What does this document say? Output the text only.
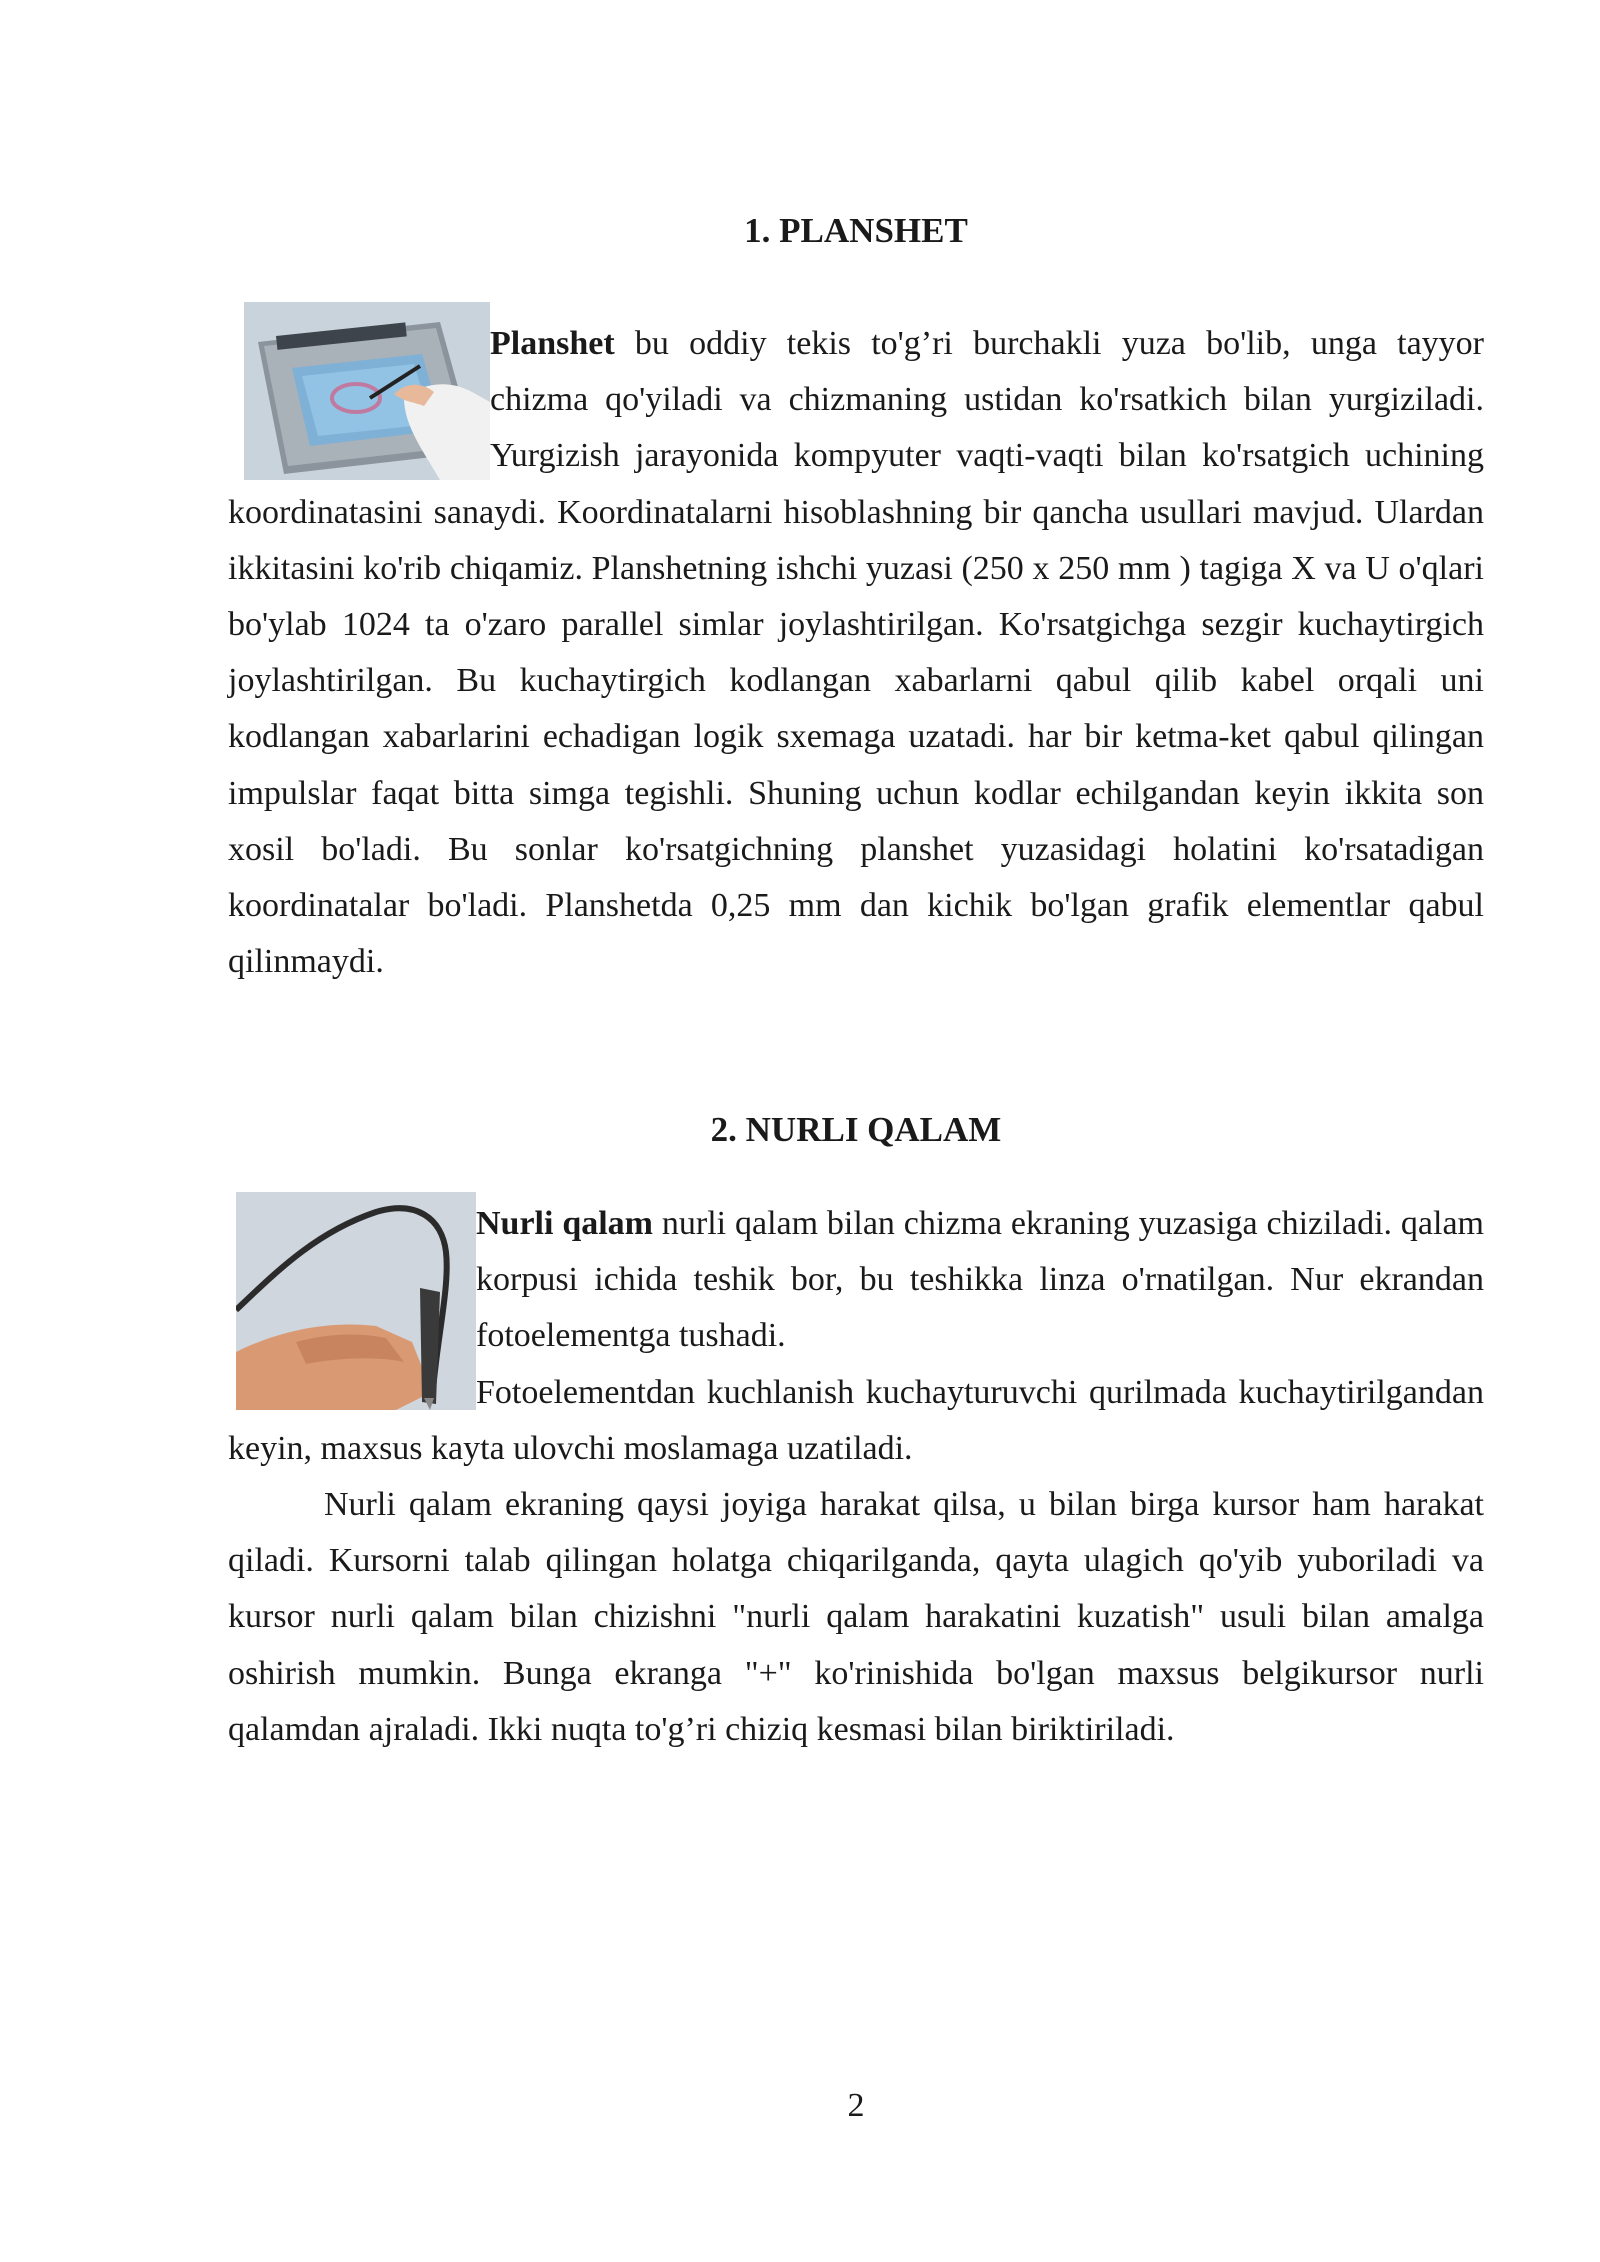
1. PLANSHET

Planshet bu oddiy tekis to'g’ri burchakli yuza bo'lib, unga tayyor chizma qo'yiladi va chizmaning ustidan ko'rsatkich bilan yurgiziladi. Yurgizish jarayonida kompyuter vaqti-vaqti bilan ko'rsatgich uchining koordinatasini sanaydi. Koordinatalarni hisoblashning bir qancha usullari mavjud. Ulardan ikkitasini ko'rib chiqamiz. Planshetning ishchi yuzasi (250 x 250 mm ) tagiga X va U o'qlari bo'ylab 1024 ta o'zaro parallel simlar joylashtirilgan. Ko'rsatgichga sezgir kuchaytirgich joylashtirilgan. Bu kuchaytirgich kodlangan xabarlarni qabul qilib kabel orqali uni kodlangan xabarlarini echadigan logik sxemaga uzatadi. har bir ketma-ket qabul qilingan impulslar faqat bitta simga tegishli. Shuning uchun kodlar echilgandan keyin ikkita son xosil bo'ladi. Bu sonlar ko'rsatgichning planshet yuzasidagi holatini ko'rsatadigan koordinatalar bo'ladi. Planshetda 0,25 mm dan kichik bo'lgan grafik elementlar qabul qilinmaydi.

2. NURLI QALAM

Nurli qalam nurli qalam bilan chizma ekraning yuzasiga chiziladi. qalam korpusi ichida teshik bor, bu teshikka linza o'rnatilgan. Nur ekrandan fotoelementga tushadi.

Fotoelementdan kuchlanish kuchayturuvchi qurilmada kuchaytirilgandan keyin, maxsus kayta ulovchi moslamaga uzatiladi.

Nurli qalam ekraning qaysi joyiga harakat qilsa, u bilan birga kursor ham harakat qiladi. Kursorni talab qilingan holatga chiqarilganda, qayta ulagich qo'yib yuboriladi va kursor nurli qalam bilan chizishni "nurli qalam harakatini kuzatish" usuli bilan amalga oshirish mumkin. Bunga ekranga "+" ko'rinishida bo'lgan maxsus belgikursor nurli qalamdan ajraladi. Ikki nuqta to'g’ri chiziq kesmasi bilan biriktiriladi.

2
